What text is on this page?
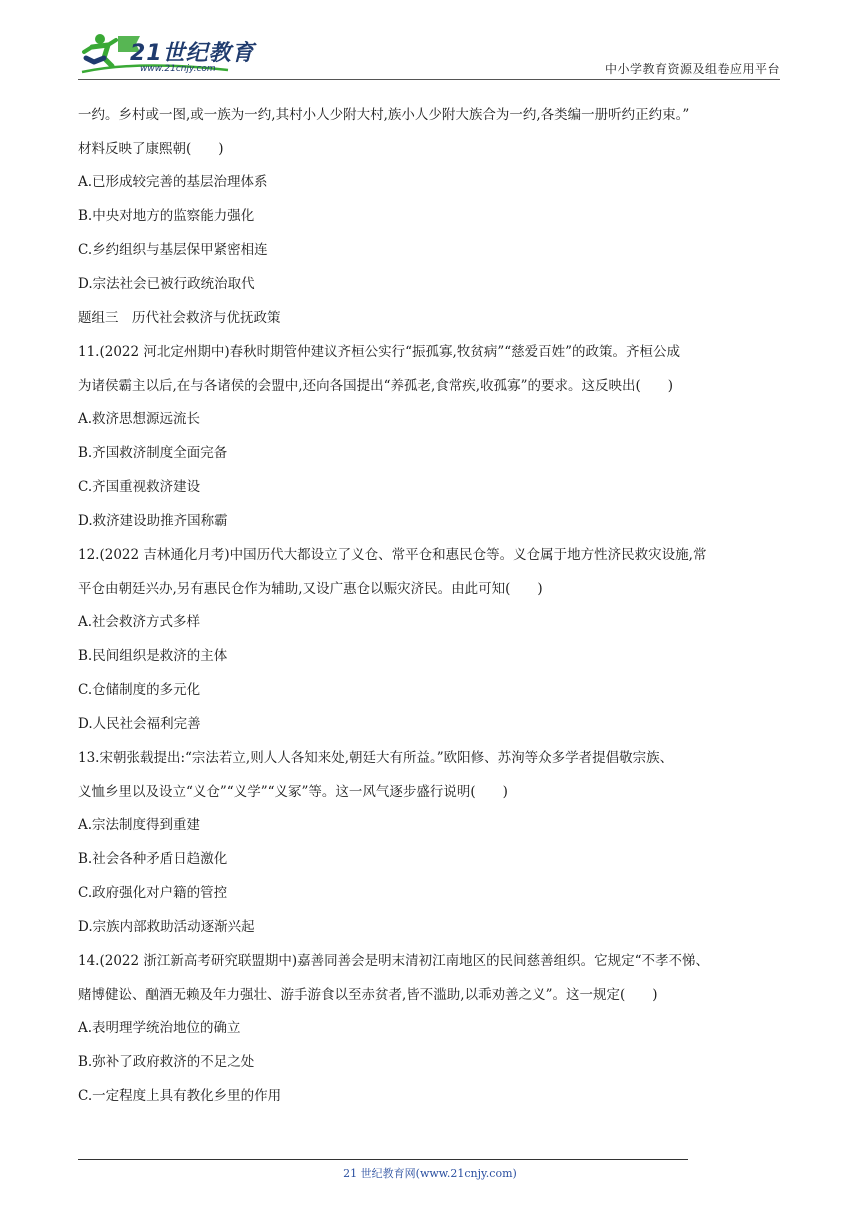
21世纪教育
www.21cnjy.com	中小学教育资源及组卷应用平台

一约。乡村或一图,或一族为一约,其村小人少附大村,族小人少附大族合为一约,各类编一册听约正约束。”

材料反映了康熙朝(　　)

A.已形成较完善的基层治理体系

B.中央对地方的监察能力强化

C.乡约组织与基层保甲紧密相连

D.宗法社会已被行政统治取代

题组三　历代社会救济与优抚政策

11.(2022 河北定州期中)春秋时期管仲建议齐桓公实行“振孤寡,牧贫病”“慈爱百姓”的政策。齐桓公成

为诸侯霸主以后,在与各诸侯的会盟中,还向各国提出“养孤老,食常疾,收孤寡”的要求。这反映出(　　)

A.救济思想源远流长

B.齐国救济制度全面完备

C.齐国重视救济建设

D.救济建设助推齐国称霸

12.(2022 吉林通化月考)中国历代大都设立了义仓、常平仓和惠民仓等。义仓属于地方性济民救灾设施,常

平仓由朝廷兴办,另有惠民仓作为辅助,又设广惠仓以赈灾济民。由此可知(　　)

A.社会救济方式多样

B.民间组织是救济的主体

C.仓储制度的多元化

D.人民社会福利完善

13.宋朝张载提出:“宗法若立,则人人各知来处,朝廷大有所益。”欧阳修、苏洵等众多学者提倡敬宗族、

义恤乡里以及设立“义仓”“义学”“义冢”等。这一风气逐步盛行说明(　　)

A.宗法制度得到重建

B.社会各种矛盾日趋激化

C.政府强化对户籍的管控

D.宗族内部救助活动逐渐兴起

14.(2022 浙江新高考研究联盟期中)嘉善同善会是明末清初江南地区的民间慈善组织。它规定“不孝不悌、

赌博健讼、酗酒无赖及年力强壮、游手游食以至赤贫者,皆不滥助,以乖劝善之义”。这一规定(　　)

A.表明理学统治地位的确立

B.弥补了政府救济的不足之处

C.一定程度上具有教化乡里的作用

21 世纪教育网(www.21cnjy.com)
